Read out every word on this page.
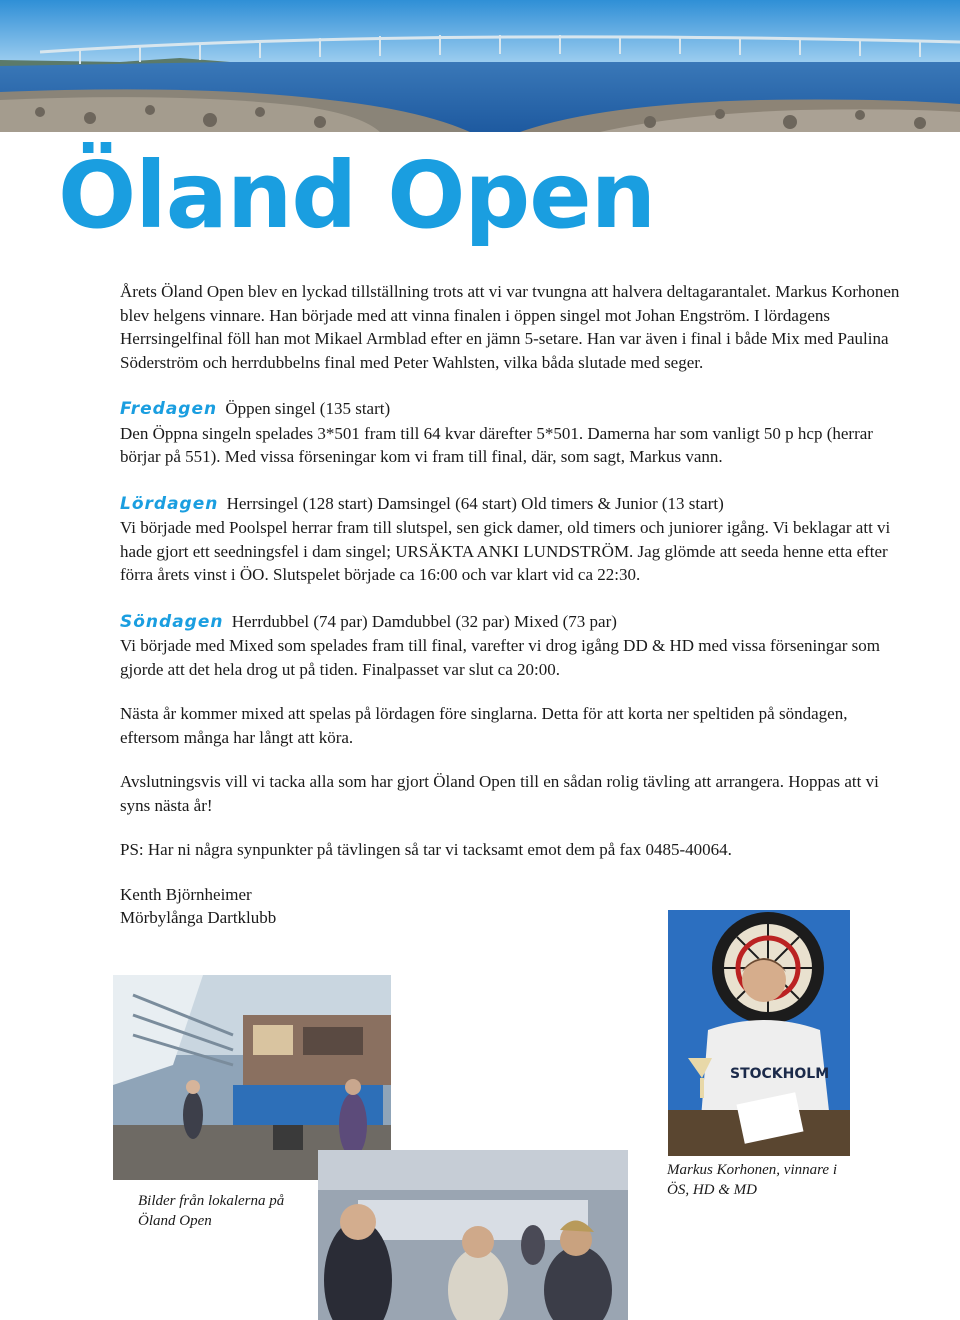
Öland Open

Årets Öland Open blev en lyckad tillställning trots att vi var tvungna att halvera deltagarantalet. Markus Korhonen blev helgens vinnare. Han började med att vinna finalen i öppen singel mot Johan Engström. I lördagens Herrsingelfinal föll han mot Mikael Armblad efter en jämn 5-setare. Han var även i final i både Mix med Paulina Söderström och herrdubbelns final med Peter Wahlsten, vilka båda slutade med seger.

Fredagen Öppen singel (135 start)
Den Öppna singeln spelades 3*501 fram till 64 kvar därefter 5*501. Damerna har som vanligt 50 p hcp (herrar börjar på 551). Med vissa förseningar kom vi fram till final, där, som sagt, Markus vann.

Lördagen Herrsingel (128 start) Damsingel (64 start) Old timers & Junior (13 start)
Vi började med Poolspel herrar fram till slutspel, sen gick damer, old timers och juniorer igång. Vi beklagar att vi hade gjort ett seedningsfel i dam singel; URSÄKTA ANKI LUNDSTRÖM. Jag glömde att seeda henne etta efter förra årets vinst i ÖO. Slutspelet började ca 16:00 och var klart vid ca 22:30.

Söndagen Herrdubbel (74 par) Damdubbel (32 par) Mixed (73 par)
Vi började med Mixed som spelades fram till final, varefter vi drog igång DD & HD med vissa förseningar som gjorde att det hela drog ut på tiden. Finalpasset var slut ca 20:00.

Nästa år kommer mixed att spelas på lördagen före singlarna. Detta för att korta ner speltiden på söndagen, eftersom många har långt att köra.

Avslutningsvis vill vi tacka alla som har gjort Öland Open till en sådan rolig tävling att arrangera. Hoppas att vi syns nästa år!

PS: Har ni några synpunkter på tävlingen så tar vi tacksamt emot dem på fax 0485-40064.

Kenth Björnheimer
Mörbylånga Dartklubb

STOCKHOLM
Bilder från lokalerna på Öland Open
Markus Korhonen, vinnare i ÖS, HD & MD
